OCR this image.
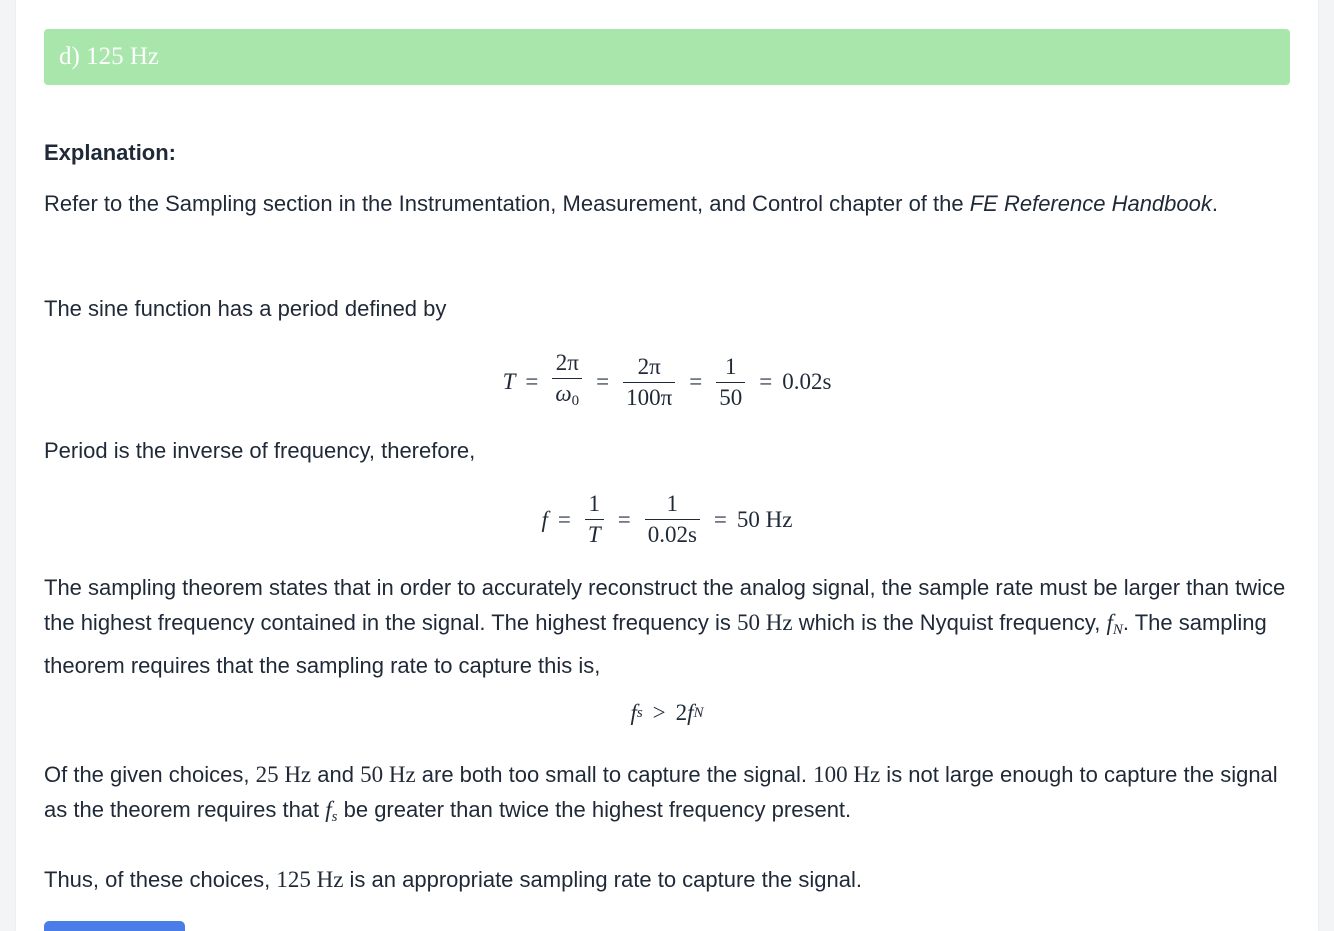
d) 125 Hz
Explanation:
Refer to the Sampling section in the Instrumentation, Measurement, and Control chapter of the FE Reference Handbook.
The sine function has a period defined by
$T = \frac{2\pi}{\omega_0} = \frac{2\pi}{100\pi} = \frac{1}{50} = 0.02s$
Period is the inverse of frequency, therefore,
$f = \frac{1}{T} = \frac{1}{0.02s} = 50$ Hz
The sampling theorem states that in order to accurately reconstruct the analog signal, the sample rate must be larger than twice the highest frequency contained in the signal. The highest frequency is 50 Hz which is the Nyquist frequency, $f_N$. The sampling theorem requires that the sampling rate to capture this is,
f s > 2 f N
Of the given choices, 25 Hz and 50 Hz are both too small to capture the signal. 100 Hz is not large enough to capture the signal as the theorem requires that $f_s$ be greater than twice the highest frequency present.
Thus, of these choices, 125 Hz is an appropriate sampling rate to capture the signal.
